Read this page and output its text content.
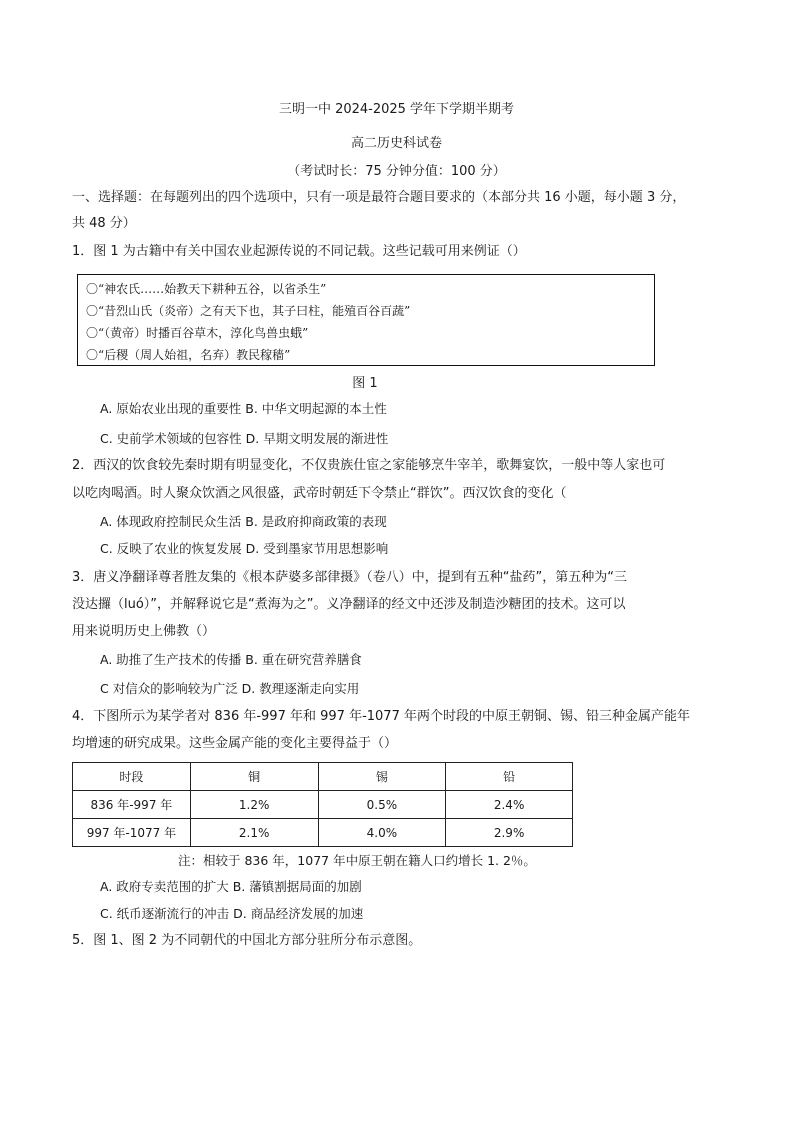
三明一中 2024-2025 学年下学期半期考
高二历史科试卷
（考试时长：75 分钟分值：100 分）
一、选择题：在每题列出的四个选项中，只有一项是最符合题目要求的（本部分共 16 小题，每小题 3 分，
共 48 分）
1．图 1 为古籍中有关中国农业起源传说的不同记载。这些记载可用来例证（）
〇“神农氏……始教天下耕种五谷，以省杀生”
〇“昔烈山氏（炎帝）之有天下也，其子曰柱，能殖百谷百蔬”
〇“（黄帝）时播百谷草木，淳化鸟兽虫蛾”
〇“后稷（周人始祖，名弃）教民稼穑”
图 1
A. 原始农业出现的重要性 B. 中华文明起源的本土性
C. 史前学术领域的包容性 D. 早期文明发展的渐进性
2．西汉的饮食较先秦时期有明显变化，不仅贵族仕宦之家能够烹牛宰羊，歌舞宴饮，一般中等人家也可
以吃肉喝酒。时人聚众饮酒之风很盛，武帝时朝廷下令禁止“群饮”。西汉饮食的变化（
A. 体现政府控制民众生活 B. 是政府抑商政策的表现
C. 反映了农业的恢复发展 D. 受到墨家节用思想影响
3．唐义净翻译尊者胜友集的《根本萨婆多部律摄》（卷八）中，提到有五种“盐药”，第五种为“三
没达攞（luó）”，并解释说它是“煮海为之”。义净翻译的经文中还涉及制造沙糖团的技术。这可以
用来说明历史上佛教（）
A. 助推了生产技术的传播 B. 重在研究营养膳食
C 对信众的影响较为广泛 D. 教理逐渐走向实用
4．下图所示为某学者对 836 年-997 年和 997 年-1077 年两个时段的中原王朝铜、锡、铅三种金属产能年
均增速的研究成果。这些金属产能的变化主要得益于（）
时段	铜	锡	铅
836 年-997 年	1.2%	0.5%	2.4%
997 年-1077 年	2.1%	4.0%	2.9%
注：相较于 836 年，1077 年中原王朝在籍人口约增长 1. 2％。
A. 政府专卖范围的扩大 B. 藩镇割据局面的加剧
C. 纸币逐渐流行的冲击 D. 商品经济发展的加速
5．图 1、图 2 为不同朝代的中国北方部分驻所分布示意图。
